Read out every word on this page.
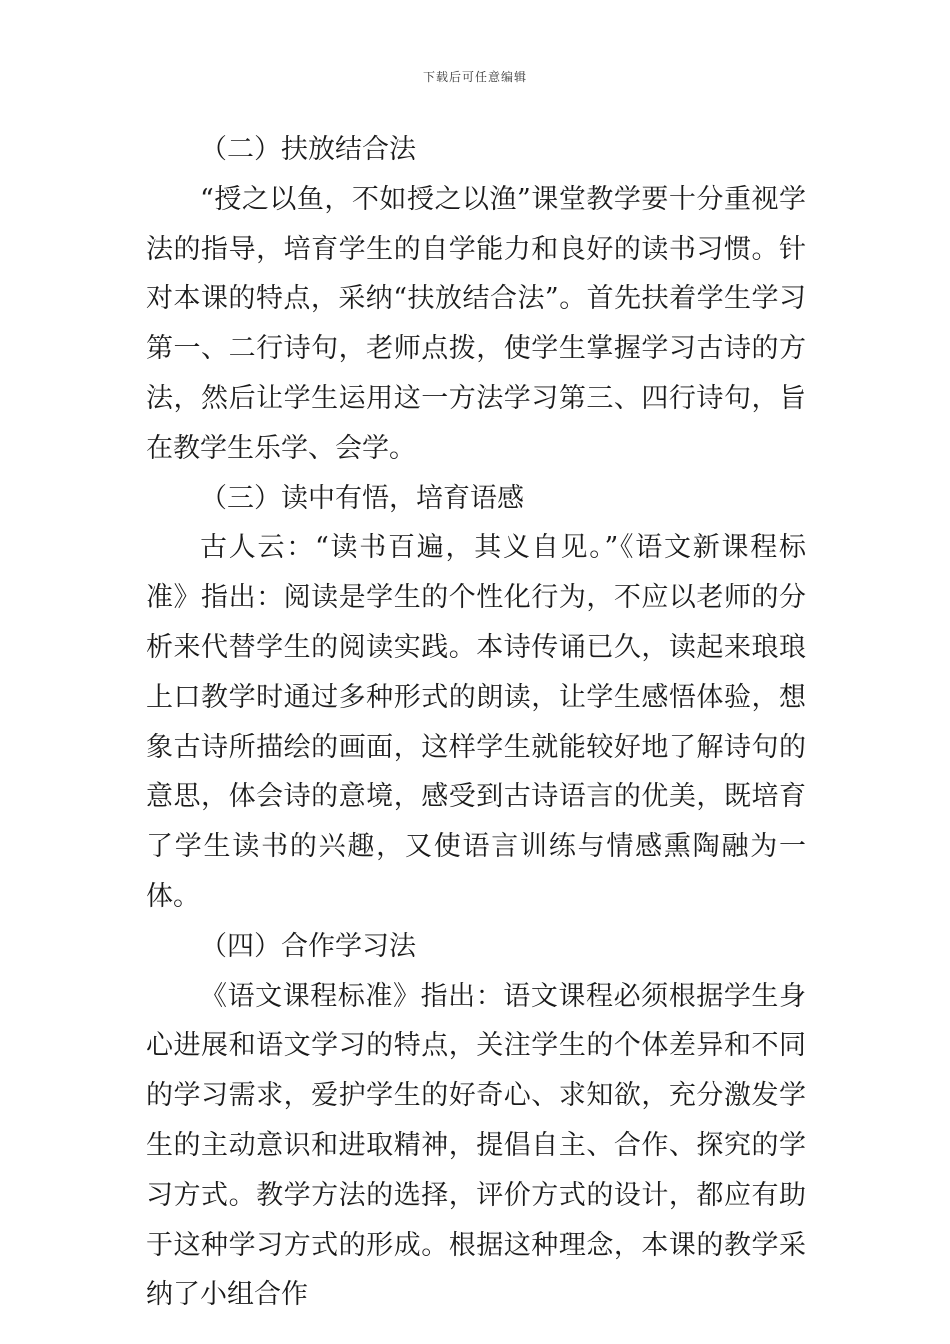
下载后可任意编辑

（二）扶放结合法

“授之以鱼，不如授之以渔”课堂教学要十分重视学法的指导，培育学生的自学能力和良好的读书习惯。针对本课的特点，采纳“扶放结合法”。首先扶着学生学习第一、二行诗句，老师点拨，使学生掌握学习古诗的方法，然后让学生运用这一方法学习第三、四行诗句，旨在教学生乐学、会学。

（三）读中有悟，培育语感

古人云：“读书百遍，其义自见。”《语文新课程标准》指出：阅读是学生的个性化行为，不应以老师的分析来代替学生的阅读实践。本诗传诵已久，读起来琅琅上口教学时通过多种形式的朗读，让学生感悟体验，想象古诗所描绘的画面，这样学生就能较好地了解诗句的意思，体会诗的意境，感受到古诗语言的优美，既培育了学生读书的兴趣，又使语言训练与情感熏陶融为一体。

（四）合作学习法

《语文课程标准》指出：语文课程必须根据学生身心进展和语文学习的特点，关注学生的个体差异和不同的学习需求，爱护学生的好奇心、求知欲，充分激发学生的主动意识和进取精神，提倡自主、合作、探究的学习方式。教学方法的选择，评价方式的设计，都应有助于这种学习方式的形成。根据这种理念，本课的教学采纳了小组合作
